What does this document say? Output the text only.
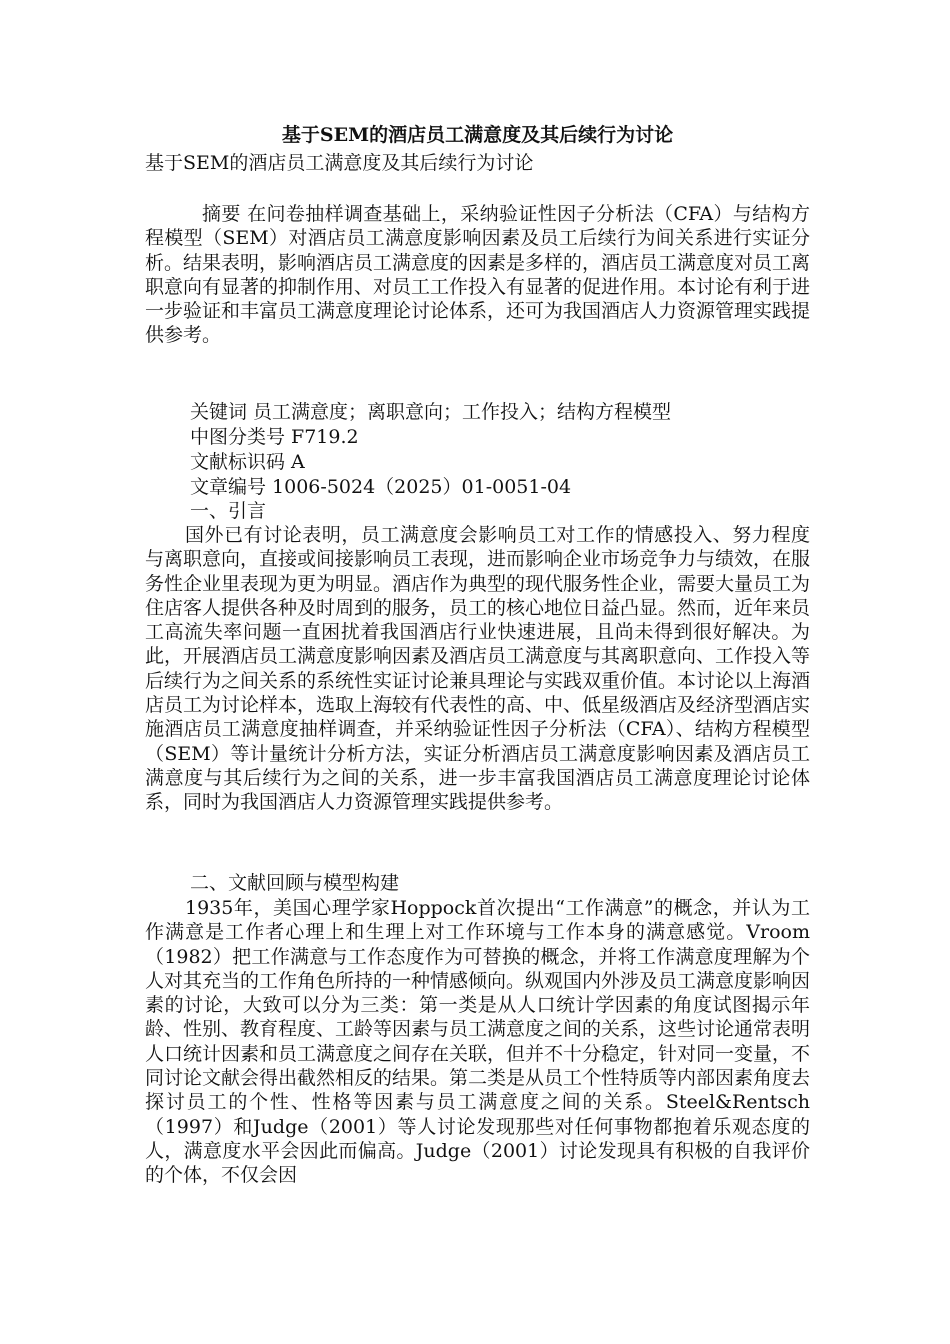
基于SEM的酒店员工满意度及其后续行为讨论

基于SEM的酒店员工满意度及其后续行为讨论

摘要 在问卷抽样调查基础上，采纳验证性因子分析法（CFA）与结构方程模型（SEM）对酒店员工满意度影响因素及员工后续行为间关系进行实证分析。结果表明，影响酒店员工满意度的因素是多样的，酒店员工满意度对员工离职意向有显著的抑制作用、对员工工作投入有显著的促进作用。本讨论有利于进一步验证和丰富员工满意度理论讨论体系，还可为我国酒店人力资源管理实践提供参考。

关键词 员工满意度；离职意向；工作投入；结构方程模型

中图分类号 F719.2

文献标识码 A

文章编号 1006-5024（2025）01-0051-04

一、引言

国外已有讨论表明，员工满意度会影响员工对工作的情感投入、努力程度与离职意向，直接或间接影响员工表现，进而影响企业市场竞争力与绩效，在服务性企业里表现为更为明显。酒店作为典型的现代服务性企业，需要大量员工为住店客人提供各种及时周到的服务，员工的核心地位日益凸显。然而，近年来员工高流失率问题一直困扰着我国酒店行业快速进展，且尚未得到很好解决。为此，开展酒店员工满意度影响因素及酒店员工满意度与其离职意向、工作投入等后续行为之间关系的系统性实证讨论兼具理论与实践双重价值。本讨论以上海酒店员工为讨论样本，选取上海较有代表性的高、中、低星级酒店及经济型酒店实施酒店员工满意度抽样调查，并采纳验证性因子分析法（CFA）、结构方程模型（SEM）等计量统计分析方法，实证分析酒店员工满意度影响因素及酒店员工满意度与其后续行为之间的关系，进一步丰富我国酒店员工满意度理论讨论体系，同时为我国酒店人力资源管理实践提供参考。

二、文献回顾与模型构建

1935年，美国心理学家Hoppock首次提出“工作满意”的概念，并认为工作满意是工作者心理上和生理上对工作环境与工作本身的满意感觉。Vroom（1982）把工作满意与工作态度作为可替换的概念，并将工作满意度理解为个人对其充当的工作角色所持的一种情感倾向。纵观国内外涉及员工满意度影响因素的讨论，大致可以分为三类：第一类是从人口统计学因素的角度试图揭示年龄、性别、教育程度、工龄等因素与员工满意度之间的关系，这些讨论通常表明人口统计因素和员工满意度之间存在关联，但并不十分稳定，针对同一变量，不同讨论文献会得出截然相反的结果。第二类是从员工个性特质等内部因素角度去探讨员工的个性、性格等因素与员工满意度之间的关系。Steel&Rentsch（1997）和Judge（2001）等人讨论发现那些对任何事物都抱着乐观态度的人，满意度水平会因此而偏高。Judge（2001）讨论发现具有积极的自我评价的个体，不仅会因
